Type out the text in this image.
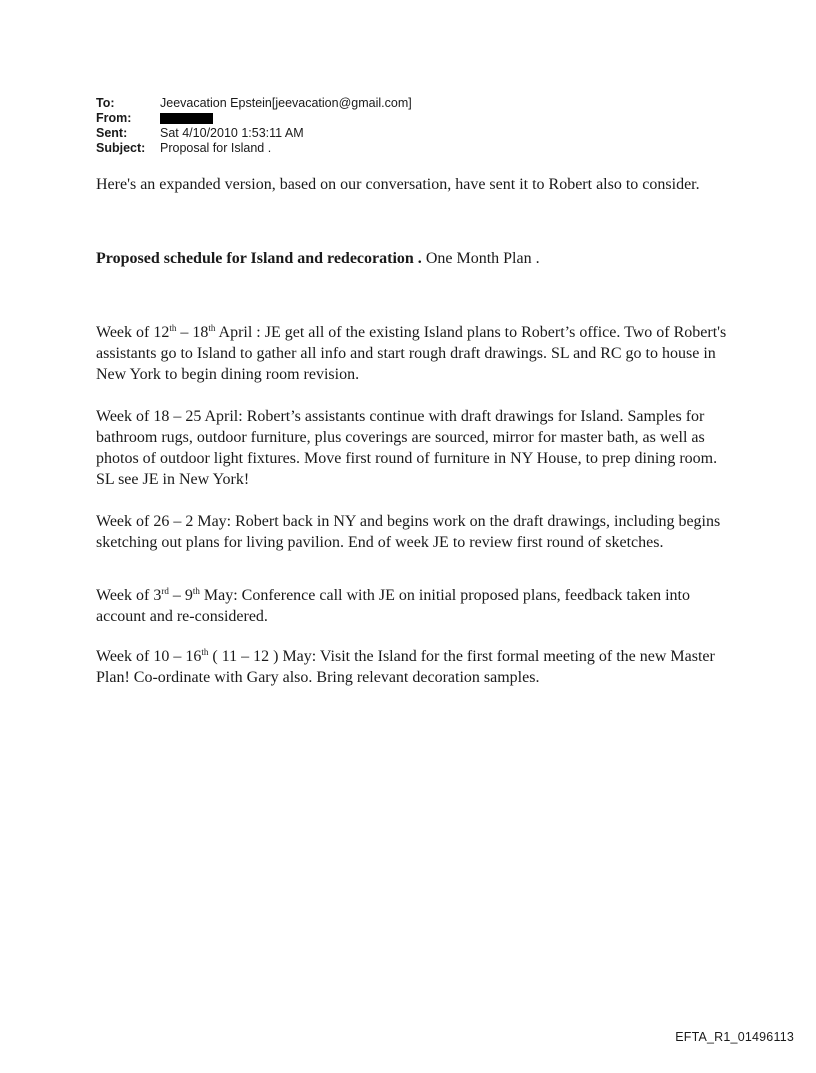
To:	Jeevacation Epstein[jeevacation@gmail.com]
From:
Sent:	Sat 4/10/2010 1:53:11 AM
Subject:	Proposal for Island .

Here's an expanded version, based on our conversation, have sent it to Robert also to consider.

Proposed schedule for Island and redecoration . One Month Plan .

Week of 12th – 18th April : JE get all of the existing Island plans to Robert’s office. Two of Robert's assistants go to Island to gather all info and start rough draft drawings. SL and RC go to house in New York to begin dining room revision.

Week of 18 – 25 April: Robert’s assistants continue with draft drawings for Island. Samples for bathroom rugs, outdoor furniture, plus coverings are sourced, mirror for master bath, as well as photos of outdoor light fixtures. Move first round of furniture in NY House, to prep dining room. SL see JE in New York!

Week of 26 – 2 May: Robert back in NY and begins work on the draft drawings, including begins sketching out plans for living pavilion. End of week JE to review first round of sketches.

Week of 3rd – 9th May: Conference call with JE on initial proposed plans, feedback taken into account and re-considered.

Week of 10 – 16th ( 11 – 12 ) May: Visit the Island for the first formal meeting of the new Master Plan! Co-ordinate with Gary also. Bring relevant decoration samples.

EFTA_R1_01496113
